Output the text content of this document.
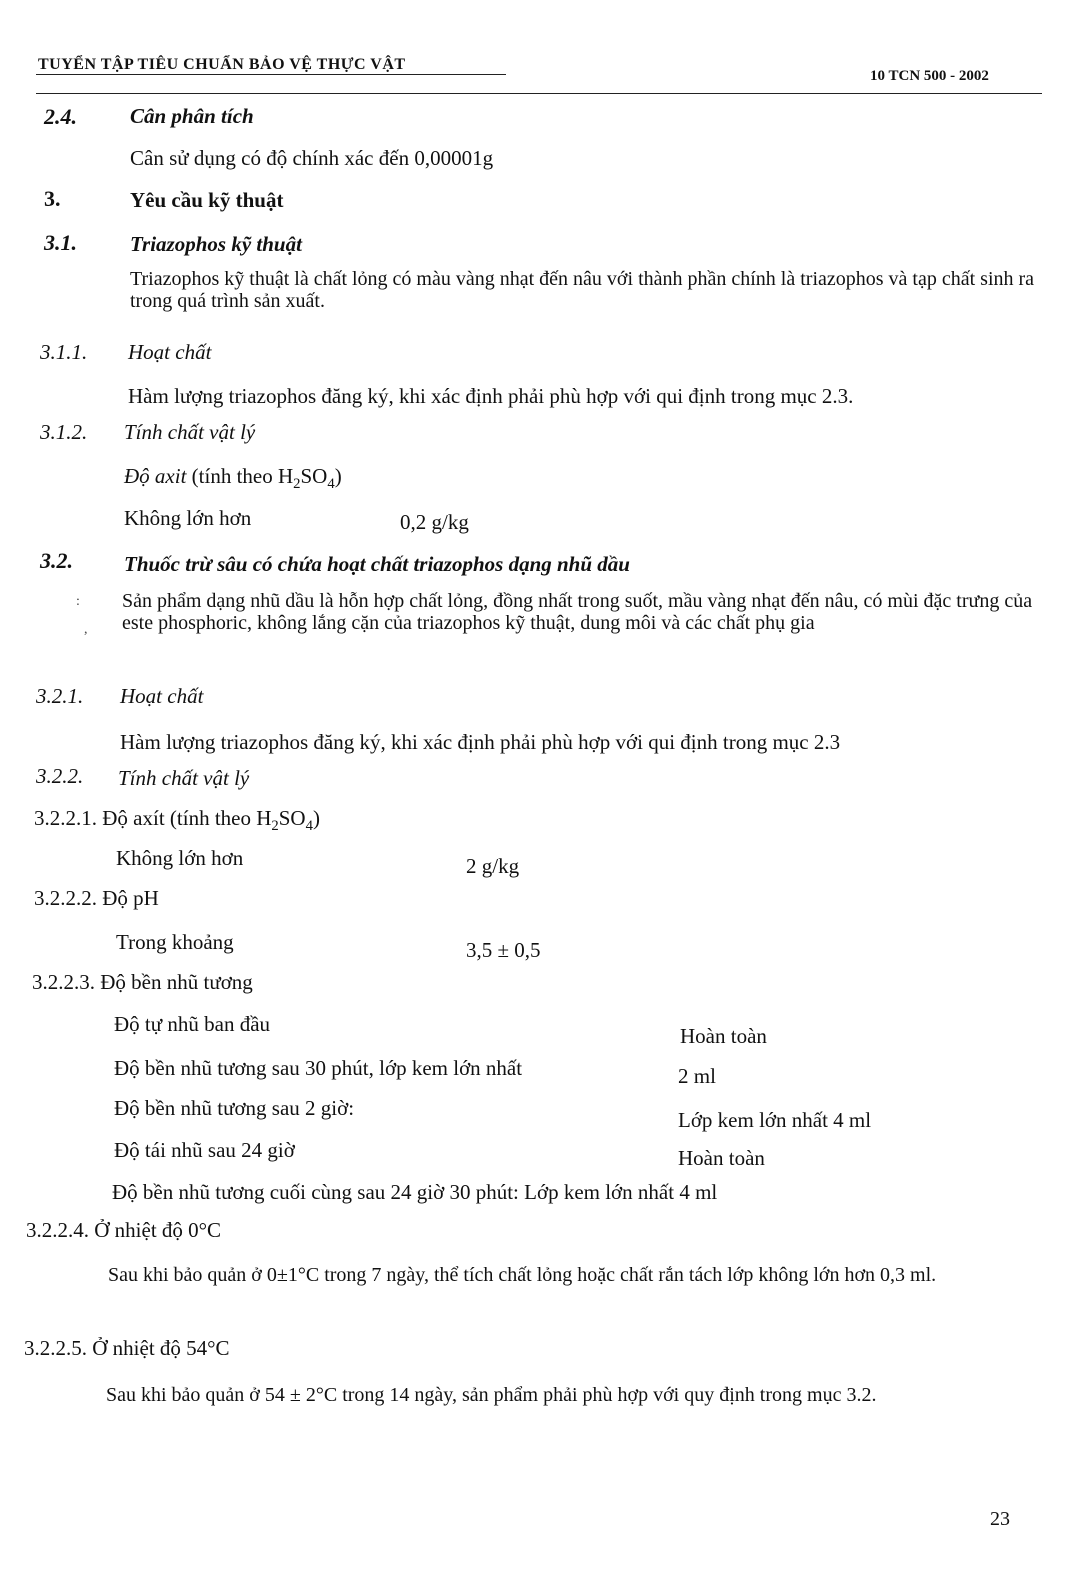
TUYỂN TẬP TIÊU CHUẨN BẢO VỆ THỰC VẬT
10 TCN 500 - 2002
2.4.	Cân phân tích
Cân sử dụng có độ chính xác đến 0,00001g
3.	Yêu cầu kỹ thuật
3.1.	Triazophos kỹ thuật
Triazophos kỹ thuật là chất lỏng có màu vàng nhạt đến nâu với thành phần chính là triazophos và tạp chất sinh ra trong quá trình sản xuất.
3.1.1. Hoạt chất
Hàm lượng triazophos đăng ký, khi xác định phải phù hợp với qui định trong mục 2.3.
3.1.2. Tính chất vật lý
Độ axit (tính theo $H_2SO_4$)
Không lớn hơn	0,2 g/kg
3.2. Thuốc trừ sâu có chứa hoạt chất triazophos dạng nhũ dầu
:
,
Sản phẩm dạng nhũ dầu là hỗn hợp chất lỏng, đồng nhất trong suốt, mầu vàng nhạt đến nâu, có mùi đặc trưng của este phosphoric, không lắng cặn của triazophos kỹ thuật, dung môi và các chất phụ gia
3.2.1. Hoạt chất
Hàm lượng triazophos đăng ký, khi xác định phải phù hợp với qui định trong mục 2.3
3.2.2. Tính chất vật lý
3.2.2.1. Độ axít (tính theo $H_2SO_4$)
Không lớn hơn	2 g/kg
3.2.2.2. Độ pH
Trong khoảng	3,5 ± 0,5
3.2.2.3. Độ bền nhũ tương
Độ tự nhũ ban đầu	Hoàn toàn
Độ bền nhũ tương sau 30 phút, lớp kem lớn nhất	2 ml
Độ bền nhũ tương sau 2 giờ:	Lớp kem lớn nhất 4 ml
Độ tái nhũ sau 24 giờ	Hoàn toàn
Độ bền nhũ tương cuối cùng sau 24 giờ 30 phút: Lớp kem lớn nhất 4 ml
3.2.2.4. Ở nhiệt độ 0°C
Sau khi bảo quản ở 0±1°C trong 7 ngày, thể tích chất lỏng hoặc chất rắn tách lớp không lớn hơn 0,3 ml.
3.2.2.5. Ở nhiệt độ 54°C
Sau khi bảo quản ở 54 ± 2°C trong 14 ngày, sản phẩm phải phù hợp với quy định trong mục 3.2.
23
